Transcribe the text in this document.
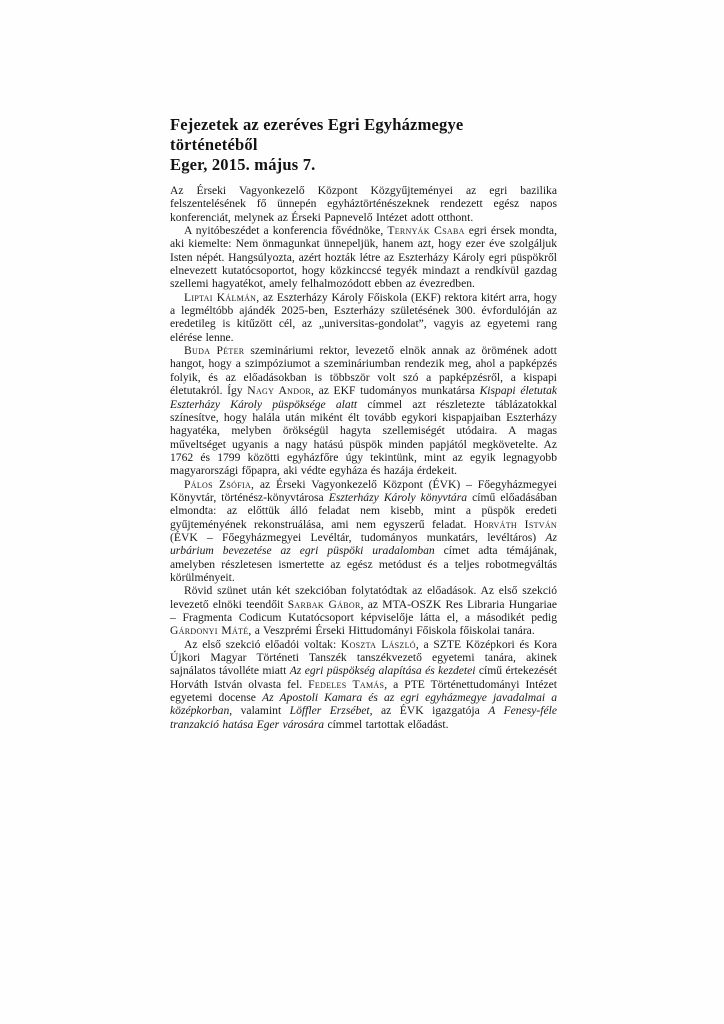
Fejezetek az ezeréves Egri Egyházmegye
történetéből
Eger, 2015. május 7.

Az Érseki Vagyonkezelő Központ Közgyűjteményei az egri bazilika felszentelésének fő ünnepén egyháztörténészeknek rendezett egész napos konferenciát, melynek az Érseki Papnevelő Intézet adott otthont.

A nyitóbeszédet a konferencia fővédnöke, Ternyák Csaba egri érsek mondta, aki kiemelte: Nem önmagunkat ünnepeljük, hanem azt, hogy ezer éve szolgáljuk Isten népét. Hangsúlyozta, azért hozták létre az Eszterházy Károly egri püspökről elnevezett kutatócsoportot, hogy közkinccsé tegyék mindazt a rendkívül gazdag szellemi hagyatékot, amely felhalmozódott ebben az évezredben.

Liptai Kálmán, az Eszterházy Károly Főiskola (EKF) rektora kitért arra, hogy a legméltóbb ajándék 2025-ben, Eszterházy születésének 300. évfordulóján az eredetileg is kitűzött cél, az „universitas-gondolat”, vagyis az egyetemi rang elérése lenne.

Buda Péter szemináriumi rektor, levezető elnök annak az örömének adott hangot, hogy a szimpóziumot a szemináriumban rendezik meg, ahol a papképzés folyik, és az előadásokban is többször volt szó a papképzésről, a kispapi életutakról. Így Nagy Andor, az EKF tudományos munkatársa Kispapi életutak Eszterházy Károly püspöksége alatt címmel azt részletezte táblázatokkal színesítve, hogy halála után miként élt tovább egykori kispapjaiban Eszterházy hagyatéka, melyben örökségül hagyta szellemiségét utódaira. A magas műveltséget ugyanis a nagy hatású püspök minden papjától megkövetelte. Az 1762 és 1799 közötti egyházfőre úgy tekintünk, mint az egyik legnagyobb magyarországi főpapra, aki védte egyháza és hazája érdekeit.

Pálos Zsófia, az Érseki Vagyonkezelő Központ (ÉVK) – Főegyházmegyei Könyvtár, történész-könyvtárosa Eszterházy Károly könyvtára című előadásában elmondta: az előttük álló feladat nem kisebb, mint a püspök eredeti gyűjteményének rekonstruálása, ami nem egyszerű feladat. Horváth István (ÉVK – Főegyházmegyei Levéltár, tudományos munkatárs, levéltáros) Az urbárium bevezetése az egri püspöki uradalomban címet adta témájának, amelyben részletesen ismertette az egész metódust és a teljes robotmegváltás körülményeit.

Rövid szünet után két szekcióban folytatódtak az előadások. Az első szekció levezető elnöki teendőit Sarbak Gábor, az MTA-OSZK Res Libraria Hungariae – Fragmenta Codicum Kutatócsoport képviselője látta el, a másodikét pedig Gárdonyi Máté, a Veszprémi Érseki Hittudományi Főiskola főiskolai tanára.

Az első szekció előadói voltak: Koszta László, a SZTE Középkori és Kora Újkori Magyar Történeti Tanszék tanszékvezető egyetemi tanára, akinek sajnálatos távolléte miatt Az egri püspökség alapítása és kezdetei című értekezését Horváth István olvasta fel. Fedeles Tamás, a PTE Történettudományi Intézet egyetemi docense Az Apostoli Kamara és az egri egyházmegye javadalmai a középkorban, valamint Löffler Erzsébet, az ÉVK igazgatója A Fenesy-féle tranzakció hatása Eger városára címmel tartottak előadást.
